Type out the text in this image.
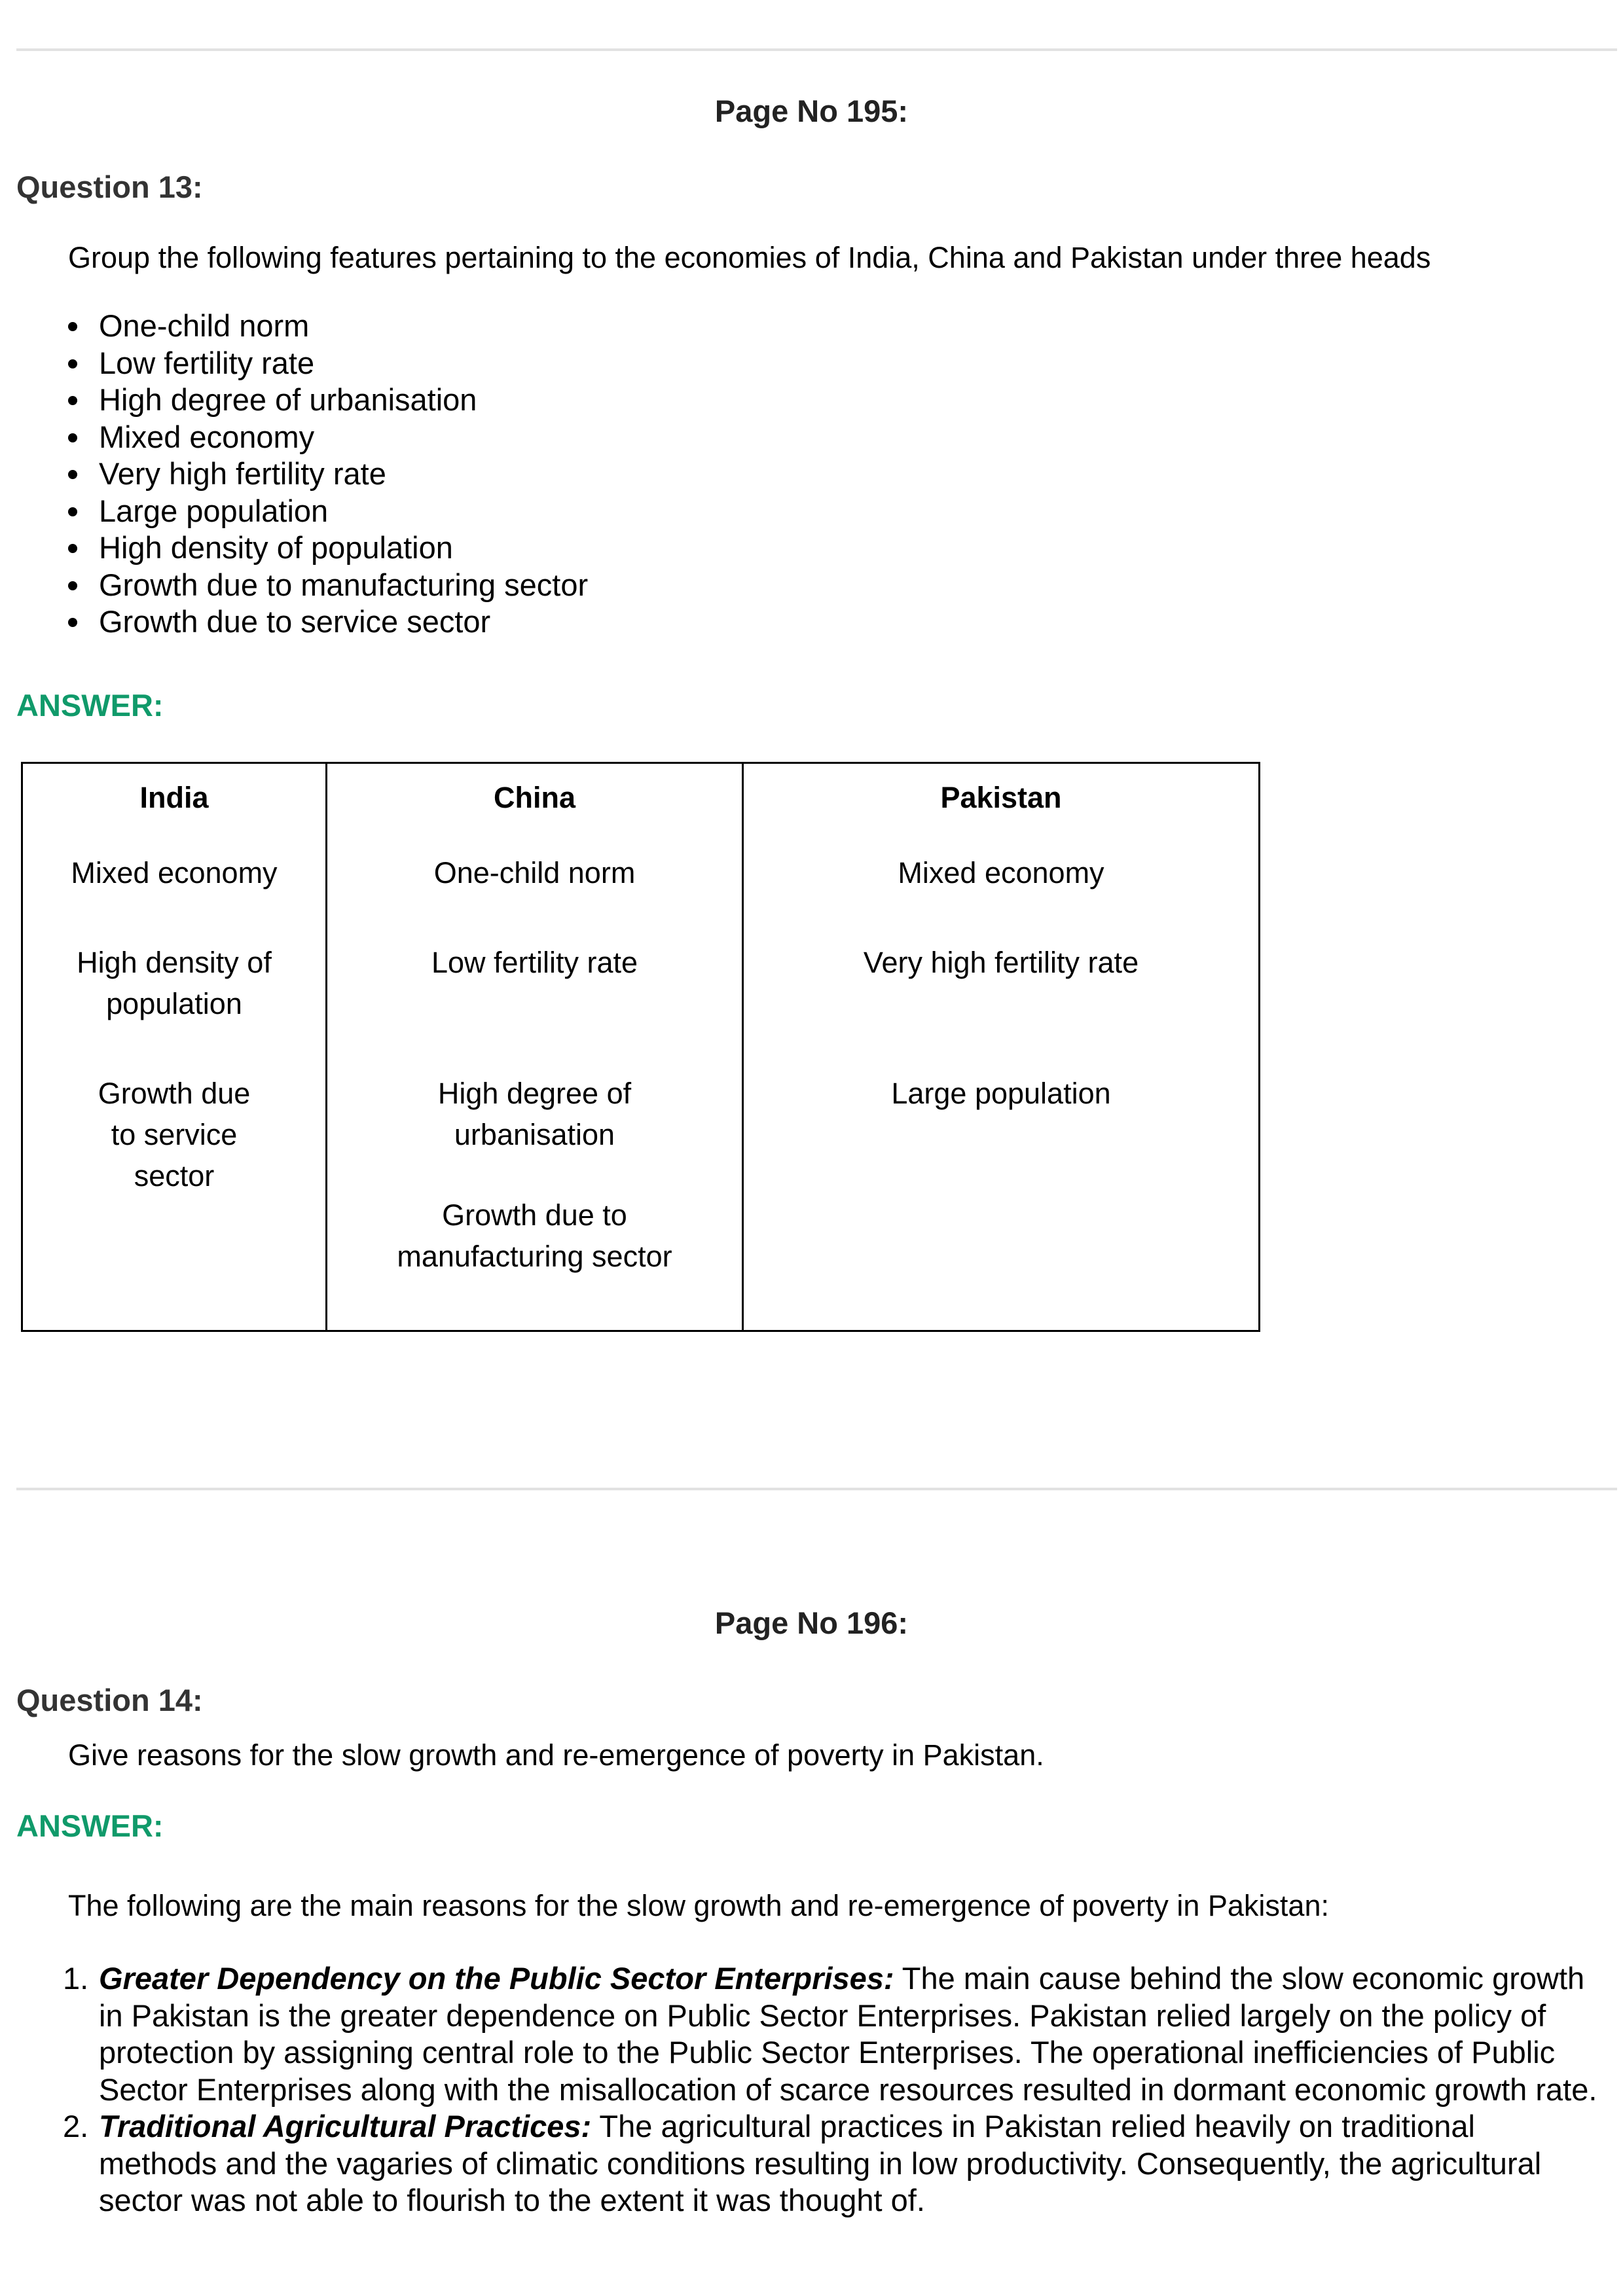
Page No 195:
Question 13:
Group the following features pertaining to the economies of India, China and Pakistan under three heads
One-child norm
Low fertility rate
High degree of urbanisation
Mixed economy
Very high fertility rate
Large population
High density of population
Growth due to manufacturing sector
Growth due to service sector
ANSWER:
India
Mixed economy
High density of population
Growth due to service sector

China
One-child norm
Low fertility rate
High degree of urbanisation
Growth due to manufacturing sector

Pakistan
Mixed economy
Very high fertility rate
Large population
Page No 196:
Question 14:
Give reasons for the slow growth and re-emergence of poverty in Pakistan.
ANSWER:
The following are the main reasons for the slow growth and re-emergence of poverty in Pakistan:
1. Greater Dependency on the Public Sector Enterprises: The main cause behind the slow economic growth in Pakistan is the greater dependence on Public Sector Enterprises. Pakistan relied largely on the policy of protection by assigning central role to the Public Sector Enterprises. The operational inefficiencies of Public Sector Enterprises along with the misallocation of scarce resources resulted in dormant economic growth rate.
2. Traditional Agricultural Practices: The agricultural practices in Pakistan relied heavily on traditional methods and the vagaries of climatic conditions resulting in low productivity. Consequently, the agricultural sector was not able to flourish to the extent it was thought of.
